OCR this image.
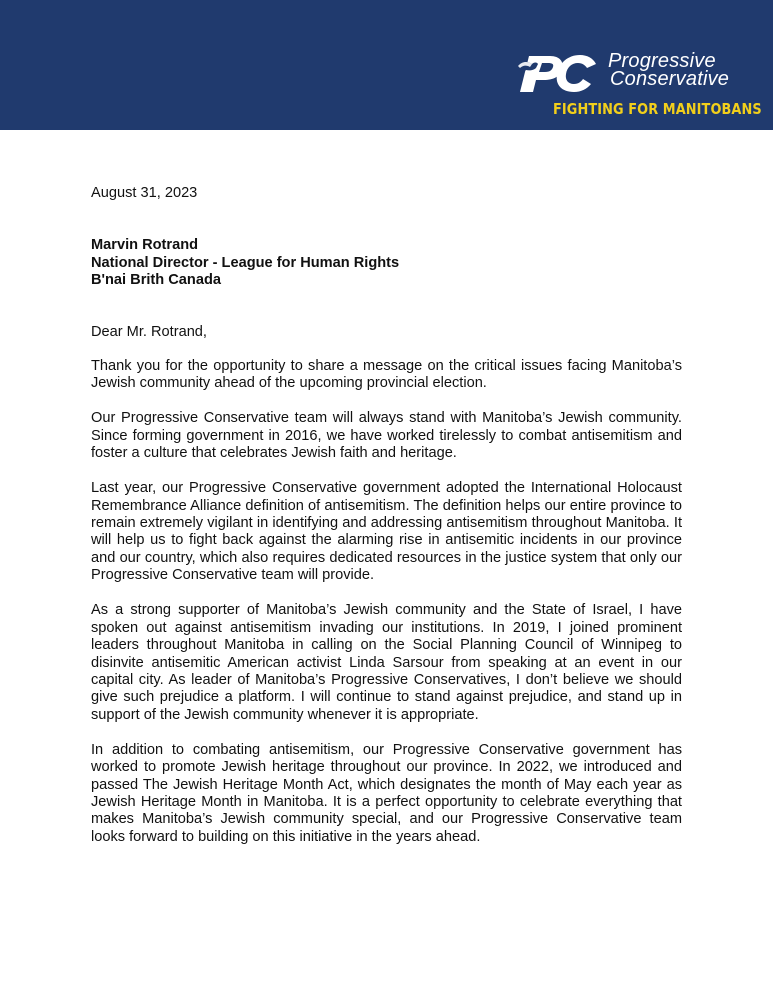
Progressive
Conservative
FIGHTING FOR MANITOBANS

August 31, 2023

Marvin Rotrand
National Director - League for Human Rights
B'nai Brith Canada

Dear Mr. Rotrand,

Thank you for the opportunity to share a message on the critical issues facing Manitoba’s Jewish community ahead of the upcoming provincial election.

Our Progressive Conservative team will always stand with Manitoba’s Jewish community. Since forming government in 2016, we have worked tirelessly to combat antisemitism and foster a culture that celebrates Jewish faith and heritage.

Last year, our Progressive Conservative government adopted the International Holocaust Remembrance Alliance definition of antisemitism. The definition helps our entire province to remain extremely vigilant in identifying and addressing antisemitism throughout Manitoba. It will help us to fight back against the alarming rise in antisemitic incidents in our province and our country, which also requires dedicated resources in the justice system that only our Progressive Conservative team will provide.

As a strong supporter of Manitoba’s Jewish community and the State of Israel, I have spoken out against antisemitism invading our institutions. In 2019, I joined prominent leaders throughout Manitoba in calling on the Social Planning Council of Winnipeg to disinvite antisemitic American activist Linda Sarsour from speaking at an event in our capital city. As leader of Manitoba’s Progressive Conservatives, I don’t believe we should give such prejudice a platform. I will continue to stand against prejudice, and stand up in support of the Jewish community whenever it is appropriate.

In addition to combating antisemitism, our Progressive Conservative government has worked to promote Jewish heritage throughout our province. In 2022, we introduced and passed The Jewish Heritage Month Act, which designates the month of May each year as Jewish Heritage Month in Manitoba. It is a perfect opportunity to celebrate everything that makes Manitoba’s Jewish community special, and our Progressive Conservative team looks forward to building on this initiative in the years ahead.
